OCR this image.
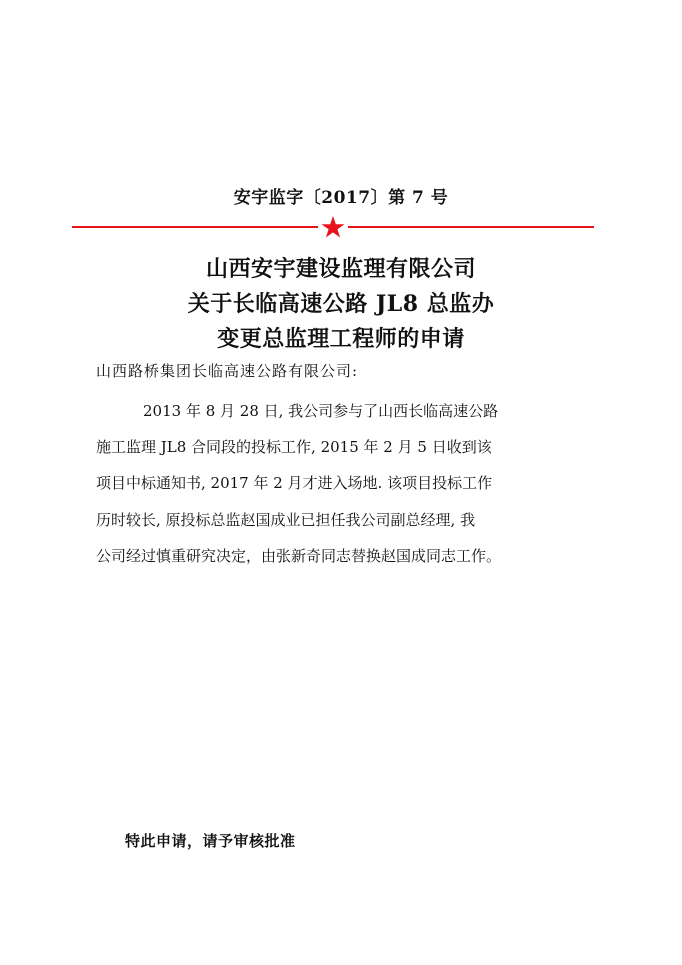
安宇监字〔2017〕第 7 号
山西安宇建设监理有限公司
关于长临高速公路 JL8 总监办
变更总监理工程师的申请
山西路桥集团长临高速公路有限公司:
2013 年 8 月 28 日, 我公司参与了山西长临高速公路
施工监理 JL8 合同段的投标工作, 2015 年 2 月 5 日收到该
项目中标通知书, 2017 年 2 月才进入场地. 该项目投标工作
历时较长, 原投标总监赵国成业已担任我公司副总经理, 我
公司经过慎重研究决定，由张新奇同志替换赵国成同志工作。
特此申请，请予审核批准
